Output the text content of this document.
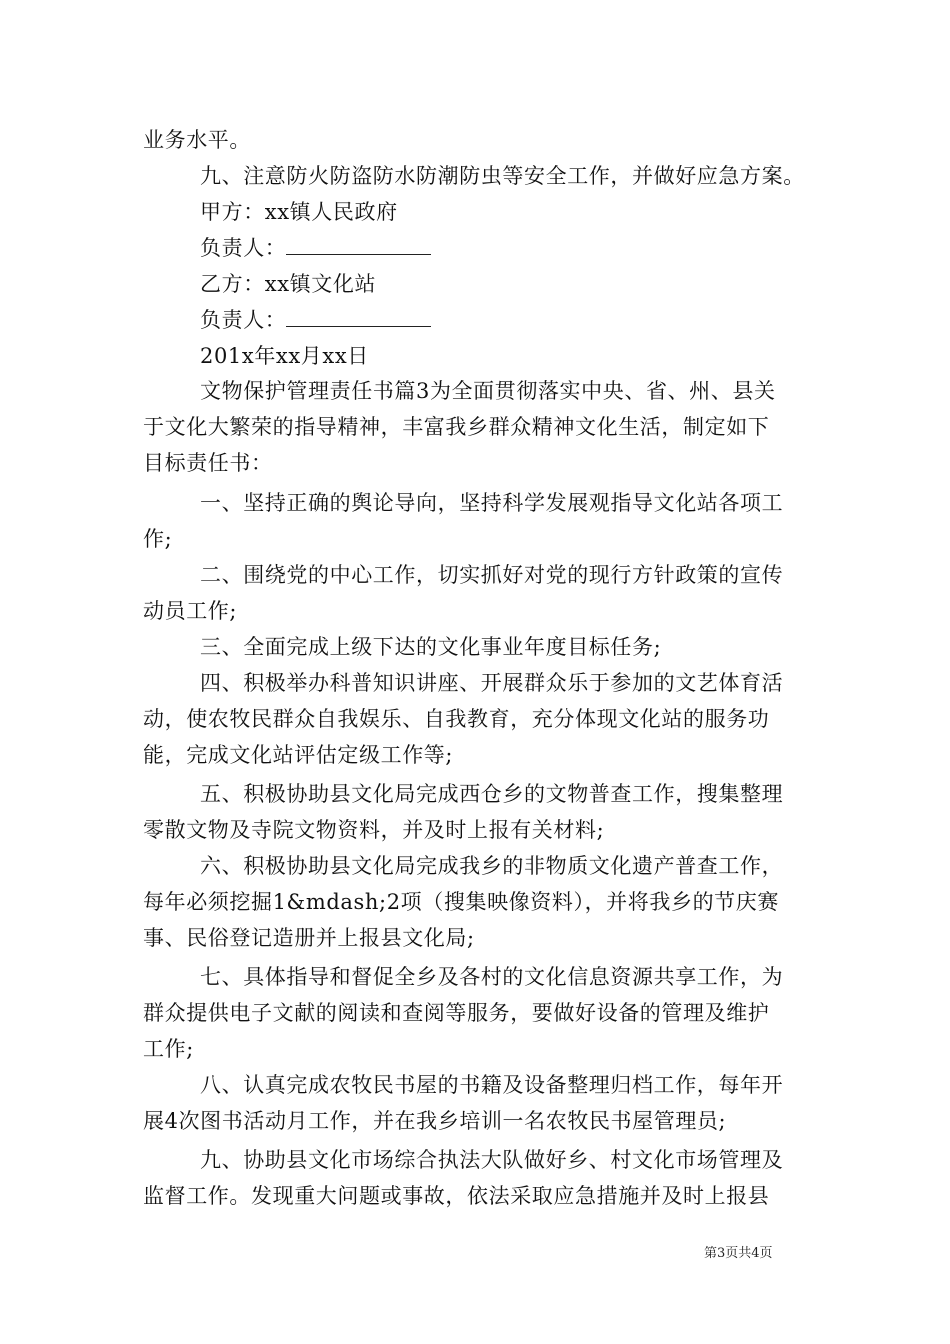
业务水平。
九、注意防火防盗防水防潮防虫等安全工作，并做好应急方案。
甲方：xx镇人民政府
负责人：
乙方：xx镇文化站
负责人：
201x年xx月xx日
文物保护管理责任书篇3为全面贯彻落实中央、省、州、县关
于文化大繁荣的指导精神，丰富我乡群众精神文化生活，制定如下
目标责任书：
一、坚持正确的舆论导向，坚持科学发展观指导文化站各项工
作;
二、围绕党的中心工作，切实抓好对党的现行方针政策的宣传
动员工作;
三、全面完成上级下达的文化事业年度目标任务;
四、积极举办科普知识讲座、开展群众乐于参加的文艺体育活
动，使农牧民群众自我娱乐、自我教育，充分体现文化站的服务功
能，完成文化站评估定级工作等;
五、积极协助县文化局完成西仓乡的文物普查工作，搜集整理
零散文物及寺院文物资料，并及时上报有关材料;
六、积极协助县文化局完成我乡的非物质文化遗产普查工作，
每年必须挖掘1&mdash;2项（搜集映像资料），并将我乡的节庆赛
事、民俗登记造册并上报县文化局;
七、具体指导和督促全乡及各村的文化信息资源共享工作，为
群众提供电子文献的阅读和查阅等服务，要做好设备的管理及维护
工作;
八、认真完成农牧民书屋的书籍及设备整理归档工作，每年开
展4次图书活动月工作，并在我乡培训一名农牧民书屋管理员;
九、协助县文化市场综合执法大队做好乡、村文化市场管理及
监督工作。发现重大问题或事故，依法采取应急措施并及时上报县
第3页共4页
